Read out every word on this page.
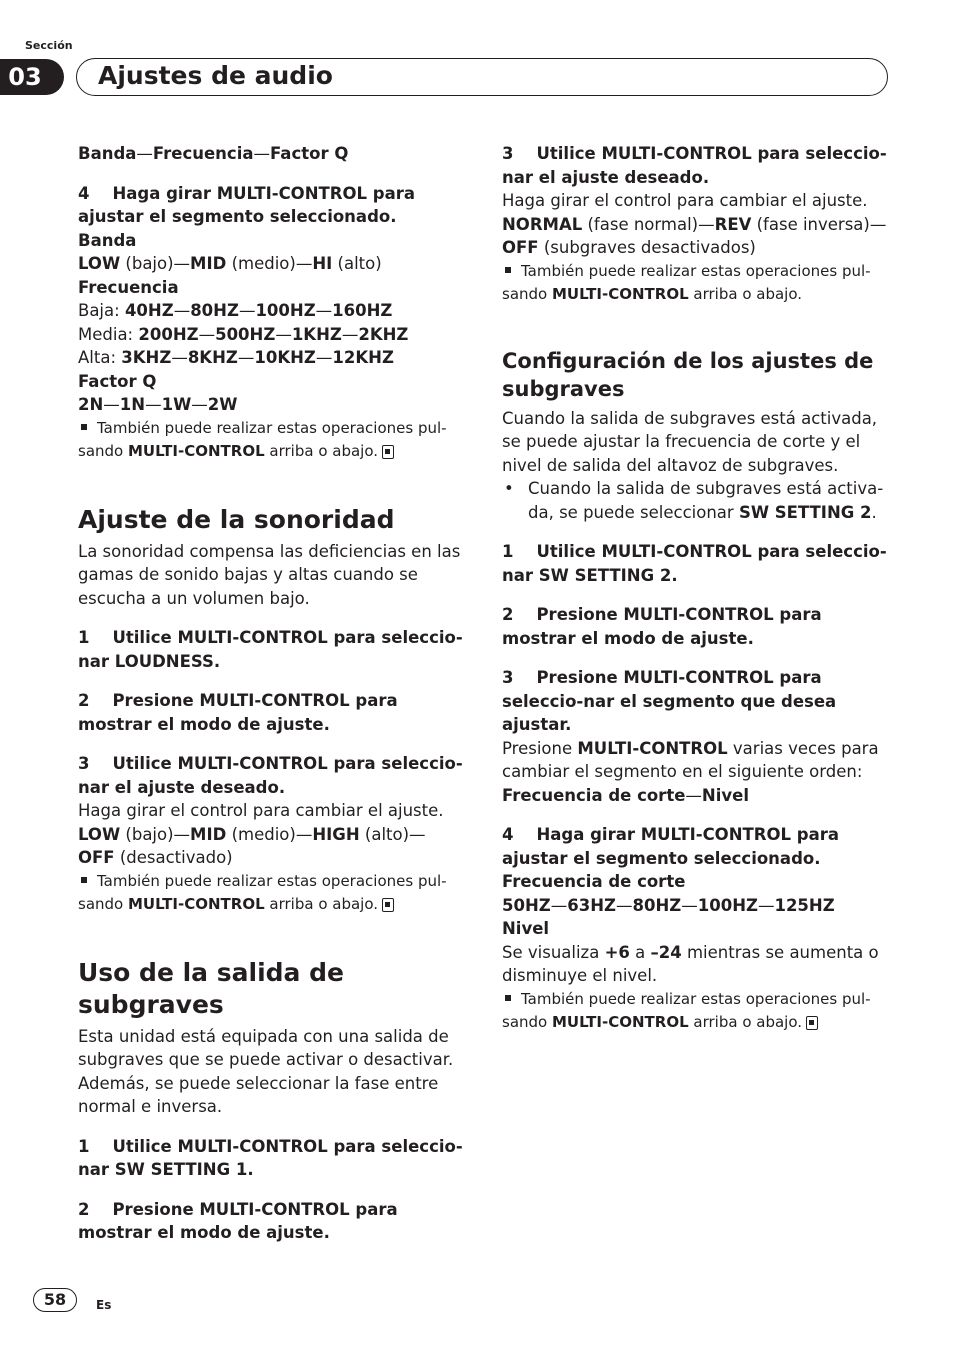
Sección
03	Ajustes de audio

Banda—Frecuencia—Factor Q

4 Haga girar MULTI-CONTROL para ajustar el segmento seleccionado.

Banda

LOW (bajo)—MID (medio)—HI (alto)

Frecuencia

Baja: 40HZ—80HZ—100HZ—160HZ

Media: 200HZ—500HZ—1KHZ—2KHZ

Alta: 3KHZ—8KHZ—10KHZ—12KHZ

Factor Q

2N—1N—1W—2W

También puede realizar estas operaciones pul-sando MULTI-CONTROL arriba o abajo.

Ajuste de la sonoridad

La sonoridad compensa las deficiencias en las gamas de sonido bajas y altas cuando se escucha a un volumen bajo.

1 Utilice MULTI-CONTROL para seleccio-nar LOUDNESS.

2 Presione MULTI-CONTROL para mostrar el modo de ajuste.

3 Utilice MULTI-CONTROL para seleccio-nar el ajuste deseado.

Haga girar el control para cambiar el ajuste.

LOW (bajo)—MID (medio)—HIGH (alto)—
OFF (desactivado)

También puede realizar estas operaciones pul-sando MULTI-CONTROL arriba o abajo.

Uso de la salida de subgraves

Esta unidad está equipada con una salida de subgraves que se puede activar o desactivar. Además, se puede seleccionar la fase entre normal e inversa.

1 Utilice MULTI-CONTROL para seleccio-nar SW SETTING 1.

2 Presione MULTI-CONTROL para mostrar el modo de ajuste.

3 Utilice MULTI-CONTROL para seleccio-nar el ajuste deseado.

Haga girar el control para cambiar el ajuste.

NORMAL (fase normal)—REV (fase inversa)—
OFF (subgraves desactivados)

También puede realizar estas operaciones pul-sando MULTI-CONTROL arriba o abajo.

Configuración de los ajustes de subgraves

Cuando la salida de subgraves está activada, se puede ajustar la frecuencia de corte y el nivel de salida del altavoz de subgraves.

• Cuando la salida de subgraves está activa-da, se puede seleccionar SW SETTING 2.

1 Utilice MULTI-CONTROL para seleccio-nar SW SETTING 2.

2 Presione MULTI-CONTROL para mostrar el modo de ajuste.

3 Presione MULTI-CONTROL para seleccio-nar el segmento que desea ajustar.

Presione MULTI-CONTROL varias veces para cambiar el segmento en el siguiente orden:

Frecuencia de corte—Nivel

4 Haga girar MULTI-CONTROL para ajustar el segmento seleccionado.

Frecuencia de corte

50HZ—63HZ—80HZ—100HZ—125HZ

Nivel

Se visualiza +6 a –24 mientras se aumenta o disminuye el nivel.

También puede realizar estas operaciones pul-sando MULTI-CONTROL arriba o abajo.

58	Es
